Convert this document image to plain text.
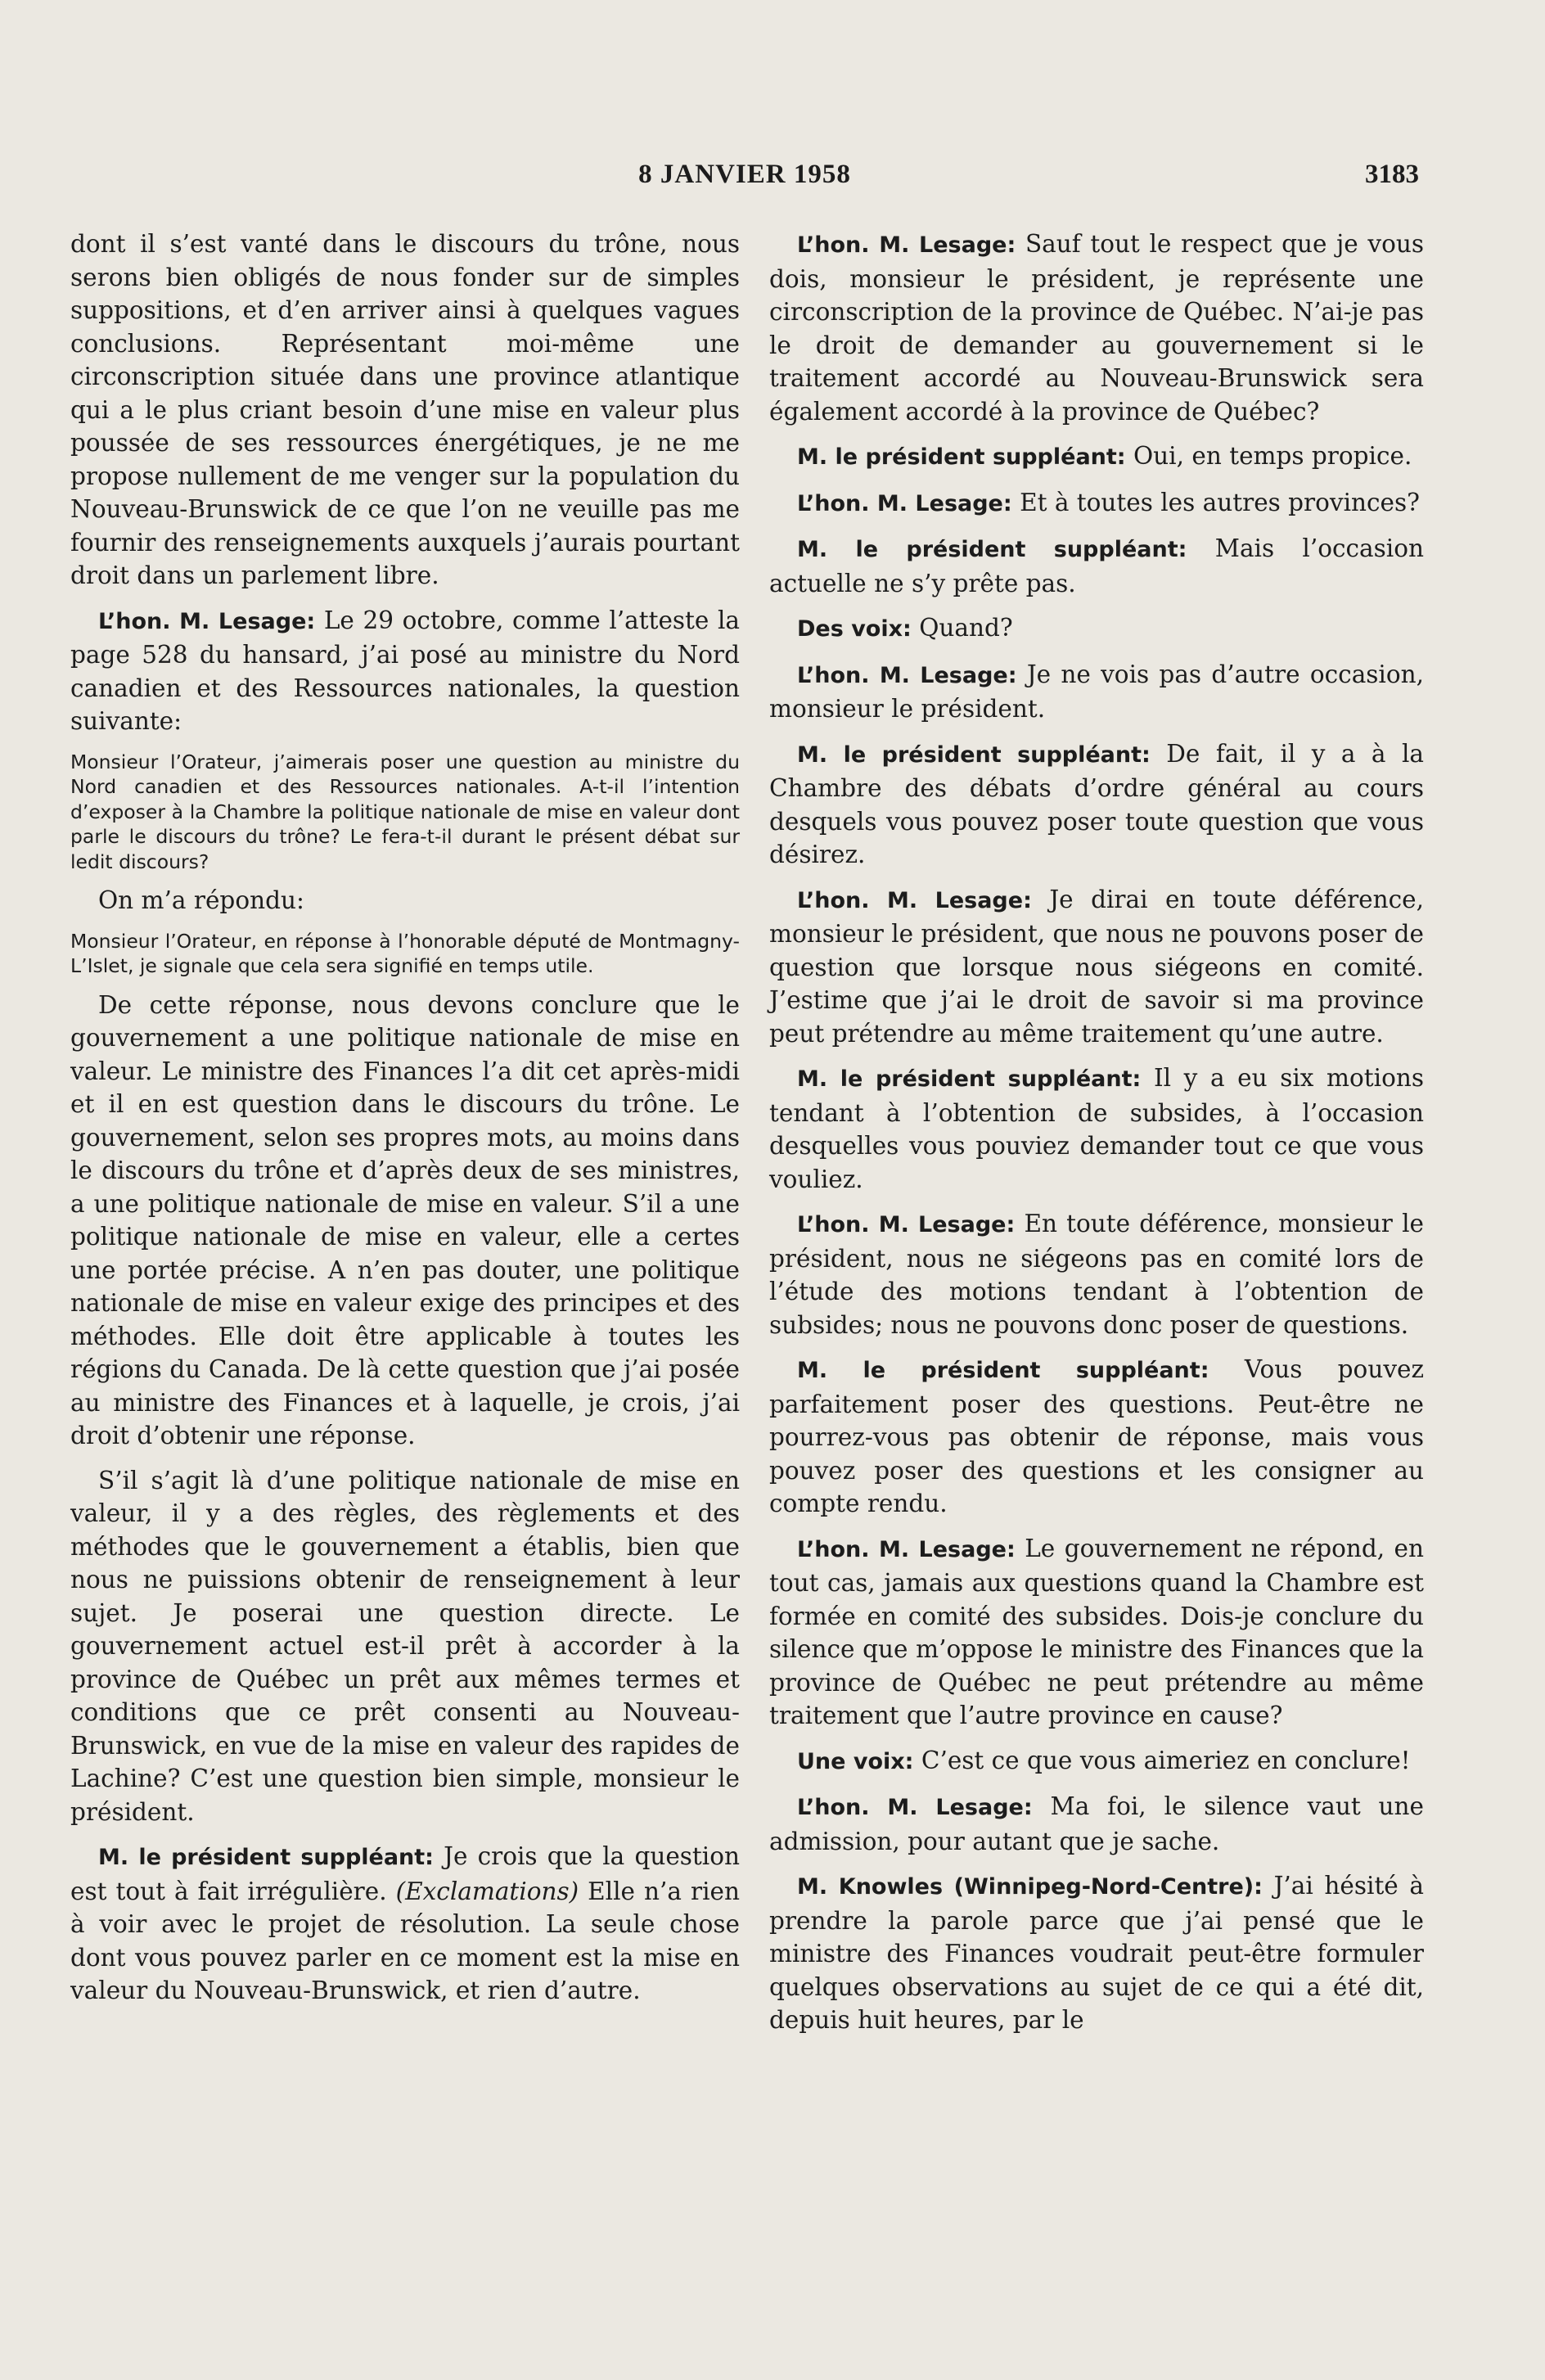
8 JANVIER 1958	3183

dont il s’est vanté dans le discours du trône, nous serons bien obligés de nous fonder sur de simples suppositions, et d’en arriver ainsi à quelques vagues conclusions. Représentant moi-même une circonscription située dans une province atlantique qui a le plus criant besoin d’une mise en valeur plus poussée de ses ressources énergétiques, je ne me propose nullement de me venger sur la population du Nouveau-Brunswick de ce que l’on ne veuille pas me fournir des renseignements auxquels j’aurais pourtant droit dans un parlement libre.

L’hon. M. Lesage: Le 29 octobre, comme l’atteste la page 528 du hansard, j’ai posé au ministre du Nord canadien et des Ressources nationales, la question suivante:

Monsieur l’Orateur, j’aimerais poser une question au ministre du Nord canadien et des Ressources nationales. A-t-il l’intention d’exposer à la Chambre la politique nationale de mise en valeur dont parle le discours du trône? Le fera-t-il durant le présent débat sur ledit discours?

On m’a répondu:

Monsieur l’Orateur, en réponse à l’honorable député de Montmagny-L’Islet, je signale que cela sera signifié en temps utile.

De cette réponse, nous devons conclure que le gouvernement a une politique nationale de mise en valeur. Le ministre des Finances l’a dit cet après-midi et il en est question dans le discours du trône. Le gouvernement, selon ses propres mots, au moins dans le discours du trône et d’après deux de ses ministres, a une politique nationale de mise en valeur. S’il a une politique nationale de mise en valeur, elle a certes une portée précise. A n’en pas douter, une politique nationale de mise en valeur exige des principes et des méthodes. Elle doit être applicable à toutes les régions du Canada. De là cette question que j’ai posée au ministre des Finances et à laquelle, je crois, j’ai droit d’obtenir une réponse.

S’il s’agit là d’une politique nationale de mise en valeur, il y a des règles, des règlements et des méthodes que le gouvernement a établis, bien que nous ne puissions obtenir de renseignement à leur sujet. Je poserai une question directe. Le gouvernement actuel est-il prêt à accorder à la province de Québec un prêt aux mêmes termes et conditions que ce prêt consenti au Nouveau-Brunswick, en vue de la mise en valeur des rapides de Lachine? C’est une question bien simple, monsieur le président.

M. le président suppléant: Je crois que la question est tout à fait irrégulière. (Exclamations) Elle n’a rien à voir avec le projet de résolution. La seule chose dont vous pouvez parler en ce moment est la mise en valeur du Nouveau-Brunswick, et rien d’autre.

L’hon. M. Lesage: Sauf tout le respect que je vous dois, monsieur le président, je représente une circonscription de la province de Québec. N’ai-je pas le droit de demander au gouvernement si le traitement accordé au Nouveau-Brunswick sera également accordé à la province de Québec?

M. le président suppléant: Oui, en temps propice.

L’hon. M. Lesage: Et à toutes les autres provinces?

M. le président suppléant: Mais l’occasion actuelle ne s’y prête pas.

Des voix: Quand?

L’hon. M. Lesage: Je ne vois pas d’autre occasion, monsieur le président.

M. le président suppléant: De fait, il y a à la Chambre des débats d’ordre général au cours desquels vous pouvez poser toute question que vous désirez.

L’hon. M. Lesage: Je dirai en toute déférence, monsieur le président, que nous ne pouvons poser de question que lorsque nous siégeons en comité. J’estime que j’ai le droit de savoir si ma province peut prétendre au même traitement qu’une autre.

M. le président suppléant: Il y a eu six motions tendant à l’obtention de subsides, à l’occasion desquelles vous pouviez demander tout ce que vous vouliez.

L’hon. M. Lesage: En toute déférence, monsieur le président, nous ne siégeons pas en comité lors de l’étude des motions tendant à l’obtention de subsides; nous ne pouvons donc poser de questions.

M. le président suppléant: Vous pouvez parfaitement poser des questions. Peut-être ne pourrez-vous pas obtenir de réponse, mais vous pouvez poser des questions et les consigner au compte rendu.

L’hon. M. Lesage: Le gouvernement ne répond, en tout cas, jamais aux questions quand la Chambre est formée en comité des subsides. Dois-je conclure du silence que m’oppose le ministre des Finances que la province de Québec ne peut prétendre au même traitement que l’autre province en cause?

Une voix: C’est ce que vous aimeriez en conclure!

L’hon. M. Lesage: Ma foi, le silence vaut une admission, pour autant que je sache.

M. Knowles (Winnipeg-Nord-Centre): J’ai hésité à prendre la parole parce que j’ai pensé que le ministre des Finances voudrait peut-être formuler quelques observations au sujet de ce qui a été dit, depuis huit heures, par le
